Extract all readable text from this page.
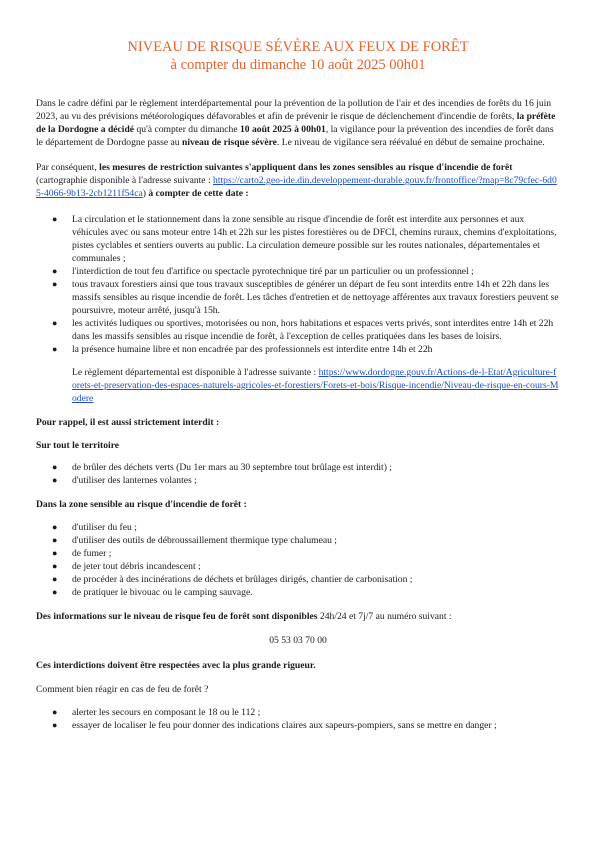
NIVEAU DE RISQUE SÉVÈRE AUX FEUX DE FORÊT
à compter du dimanche 10 août 2025 00h01

Dans le cadre défini par le règlement interdépartemental pour la prévention de la pollution de l'air et des incendies de forêts du 16 juin 2023, au vu des prévisions météorologiques défavorables et afin de prévenir le risque de déclenchement d'incendie de forêts, la préfète de la Dordogne a décidé qu'à compter du dimanche 10 août 2025 à 00h01, la vigilance pour la prévention des incendies de forêt dans le département de Dordogne passe au niveau de risque sévère. Le niveau de vigilance sera réévalué en début de semaine prochaine.

Par conséquent, les mesures de restriction suivantes s'appliquent dans les zones sensibles au risque d'incendie de forêt (cartographie disponible à l'adresse suivante : https://carto2.geo-ide.din.developpement-durable.gouv.fr/frontoffice/?map=8c79cfec-6d05-4066-9b13-2cb1211f54ca) à compter de cette date :

● La circulation et le stationnement dans la zone sensible au risque d'incendie de forêt est interdite aux personnes et aux véhicules avec ou sans moteur entre 14h et 22h sur les pistes forestières ou de DFCI, chemins ruraux, chemins d'exploitations, pistes cyclables et sentiers ouverts au public. La circulation demeure possible sur les routes nationales, départementales et communales ;
● l'interdiction de tout feu d'artifice ou spectacle pyrotechnique tiré par un particulier ou un professionnel ;
● tous travaux forestiers ainsi que tous travaux susceptibles de générer un départ de feu sont interdits entre 14h et 22h dans les massifs sensibles au risque incendie de forêt. Les tâches d'entretien et de nettoyage afférentes aux travaux forestiers peuvent se poursuivre, moteur arrêté, jusqu'à 15h.
● les activités ludiques ou sportives, motorisées ou non, hors habitations et espaces verts privés, sont interdites entre 14h et 22h dans les massifs sensibles au risque incendie de forêt, à l'exception de celles pratiquées dans les bases de loisirs.
● la présence humaine libre et non encadrée par des professionnels est interdite entre 14h et 22h

Le règlement départemental est disponible à l'adresse suivante : https://www.dordogne.gouv.fr/Actions-de-l-Etat/Agriculture-forets-et-preservation-des-espaces-naturels-agricoles-et-forestiers/Forets-et-bois/Risque-incendie/Niveau-de-risque-en-cours-Modere

Pour rappel, il est aussi strictement interdit :

Sur tout le territoire

● de brûler des déchets verts (Du 1er mars au 30 septembre tout brûlage est interdit) ;
● d'utiliser des lanternes volantes ;

Dans la zone sensible au risque d'incendie de forêt :

● d'utiliser du feu ;
● d'utiliser des outils de débroussaillement thermique type chalumeau ;
● de fumer ;
● de jeter tout débris incandescent ;
● de procéder à des incinérations de déchets et brûlages dirigés, chantier de carbonisation ;
● de pratiquer le bivouac ou le camping sauvage.

Des informations sur le niveau de risque feu de forêt sont disponibles 24h/24 et 7j/7 au numéro suivant :

05 53 03 70 00

Ces interdictions doivent être respectées avec la plus grande rigueur.

Comment bien réagir en cas de feu de forêt ?

● alerter les secours en composant le 18 ou le 112 ;
● essayer de localiser le feu pour donner des indications claires aux sapeurs-pompiers, sans se mettre en danger ;
